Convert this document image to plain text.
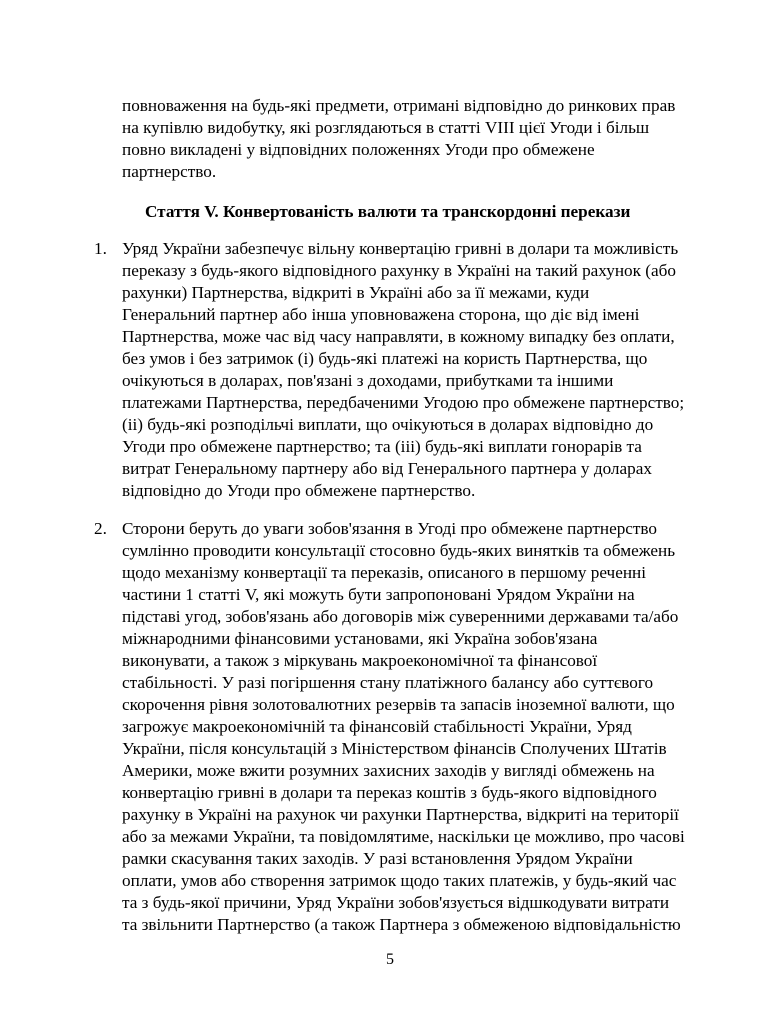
повноваження на будь-які предмети, отримані відповідно до ринкових прав
на купівлю видобутку, які розглядаються в статті VIII цієї Угоди і більш
повно викладені у відповідних положеннях Угоди про обмежене
партнерство.
Стаття V. Конвертованість валюти та транскордонні перекази
1. Уряд України забезпечує вільну конвертацію гривні в долари та можливість
переказу з будь-якого відповідного рахунку в Україні на такий рахунок (або
рахунки) Партнерства, відкриті в Україні або за її межами, куди
Генеральний партнер або інша уповноважена сторона, що діє від імені
Партнерства, може час від часу направляти, в кожному випадку без оплати,
без умов і без затримок (і) будь-які платежі на користь Партнерства, що
очікуються в доларах, пов'язані з доходами, прибутками та іншими
платежами Партнерства, передбаченими Угодою про обмежене партнерство;
(іі) будь-які розподільчі виплати, що очікуються в доларах відповідно до
Угоди про обмежене партнерство; та (ііі) будь-які виплати гонорарів та
витрат Генеральному партнеру або від Генерального партнера у доларах
відповідно до Угоди про обмежене партнерство.
2. Сторони беруть до уваги зобов'язання в Угоді про обмежене партнерство
сумлінно проводити консультації стосовно будь-яких винятків та обмежень
щодо механізму конвертації та переказів, описаного в першому реченні
частини 1 статті V, які можуть бути запропоновані Урядом України на
підставі угод, зобов'язань або договорів між суверенними державами та/або
міжнародними фінансовими установами, які Україна зобов'язана
виконувати, а також з міркувань макроекономічної та фінансової
стабільності. У разі погіршення стану платіжного балансу або суттєвого
скорочення рівня золотовалютних резервів та запасів іноземної валюти, що
загрожує макроекономічній та фінансовій стабільності України, Уряд
України, після консультацій з Міністерством фінансів Сполучених Штатів
Америки, може вжити розумних захисних заходів у вигляді обмежень на
конвертацію гривні в долари та переказ коштів з будь-якого відповідного
рахунку в Україні на рахунок чи рахунки Партнерства, відкриті на території
або за межами України, та повідомлятиме, наскільки це можливо, про часові
рамки скасування таких заходів. У разі встановлення Урядом України
оплати, умов або створення затримок щодо таких платежів, у будь-який час
та з будь-якої причини, Уряд України зобов'язується відшкодувати витрати
та звільнити Партнерство (а також Партнера з обмеженою відповідальністю
5
